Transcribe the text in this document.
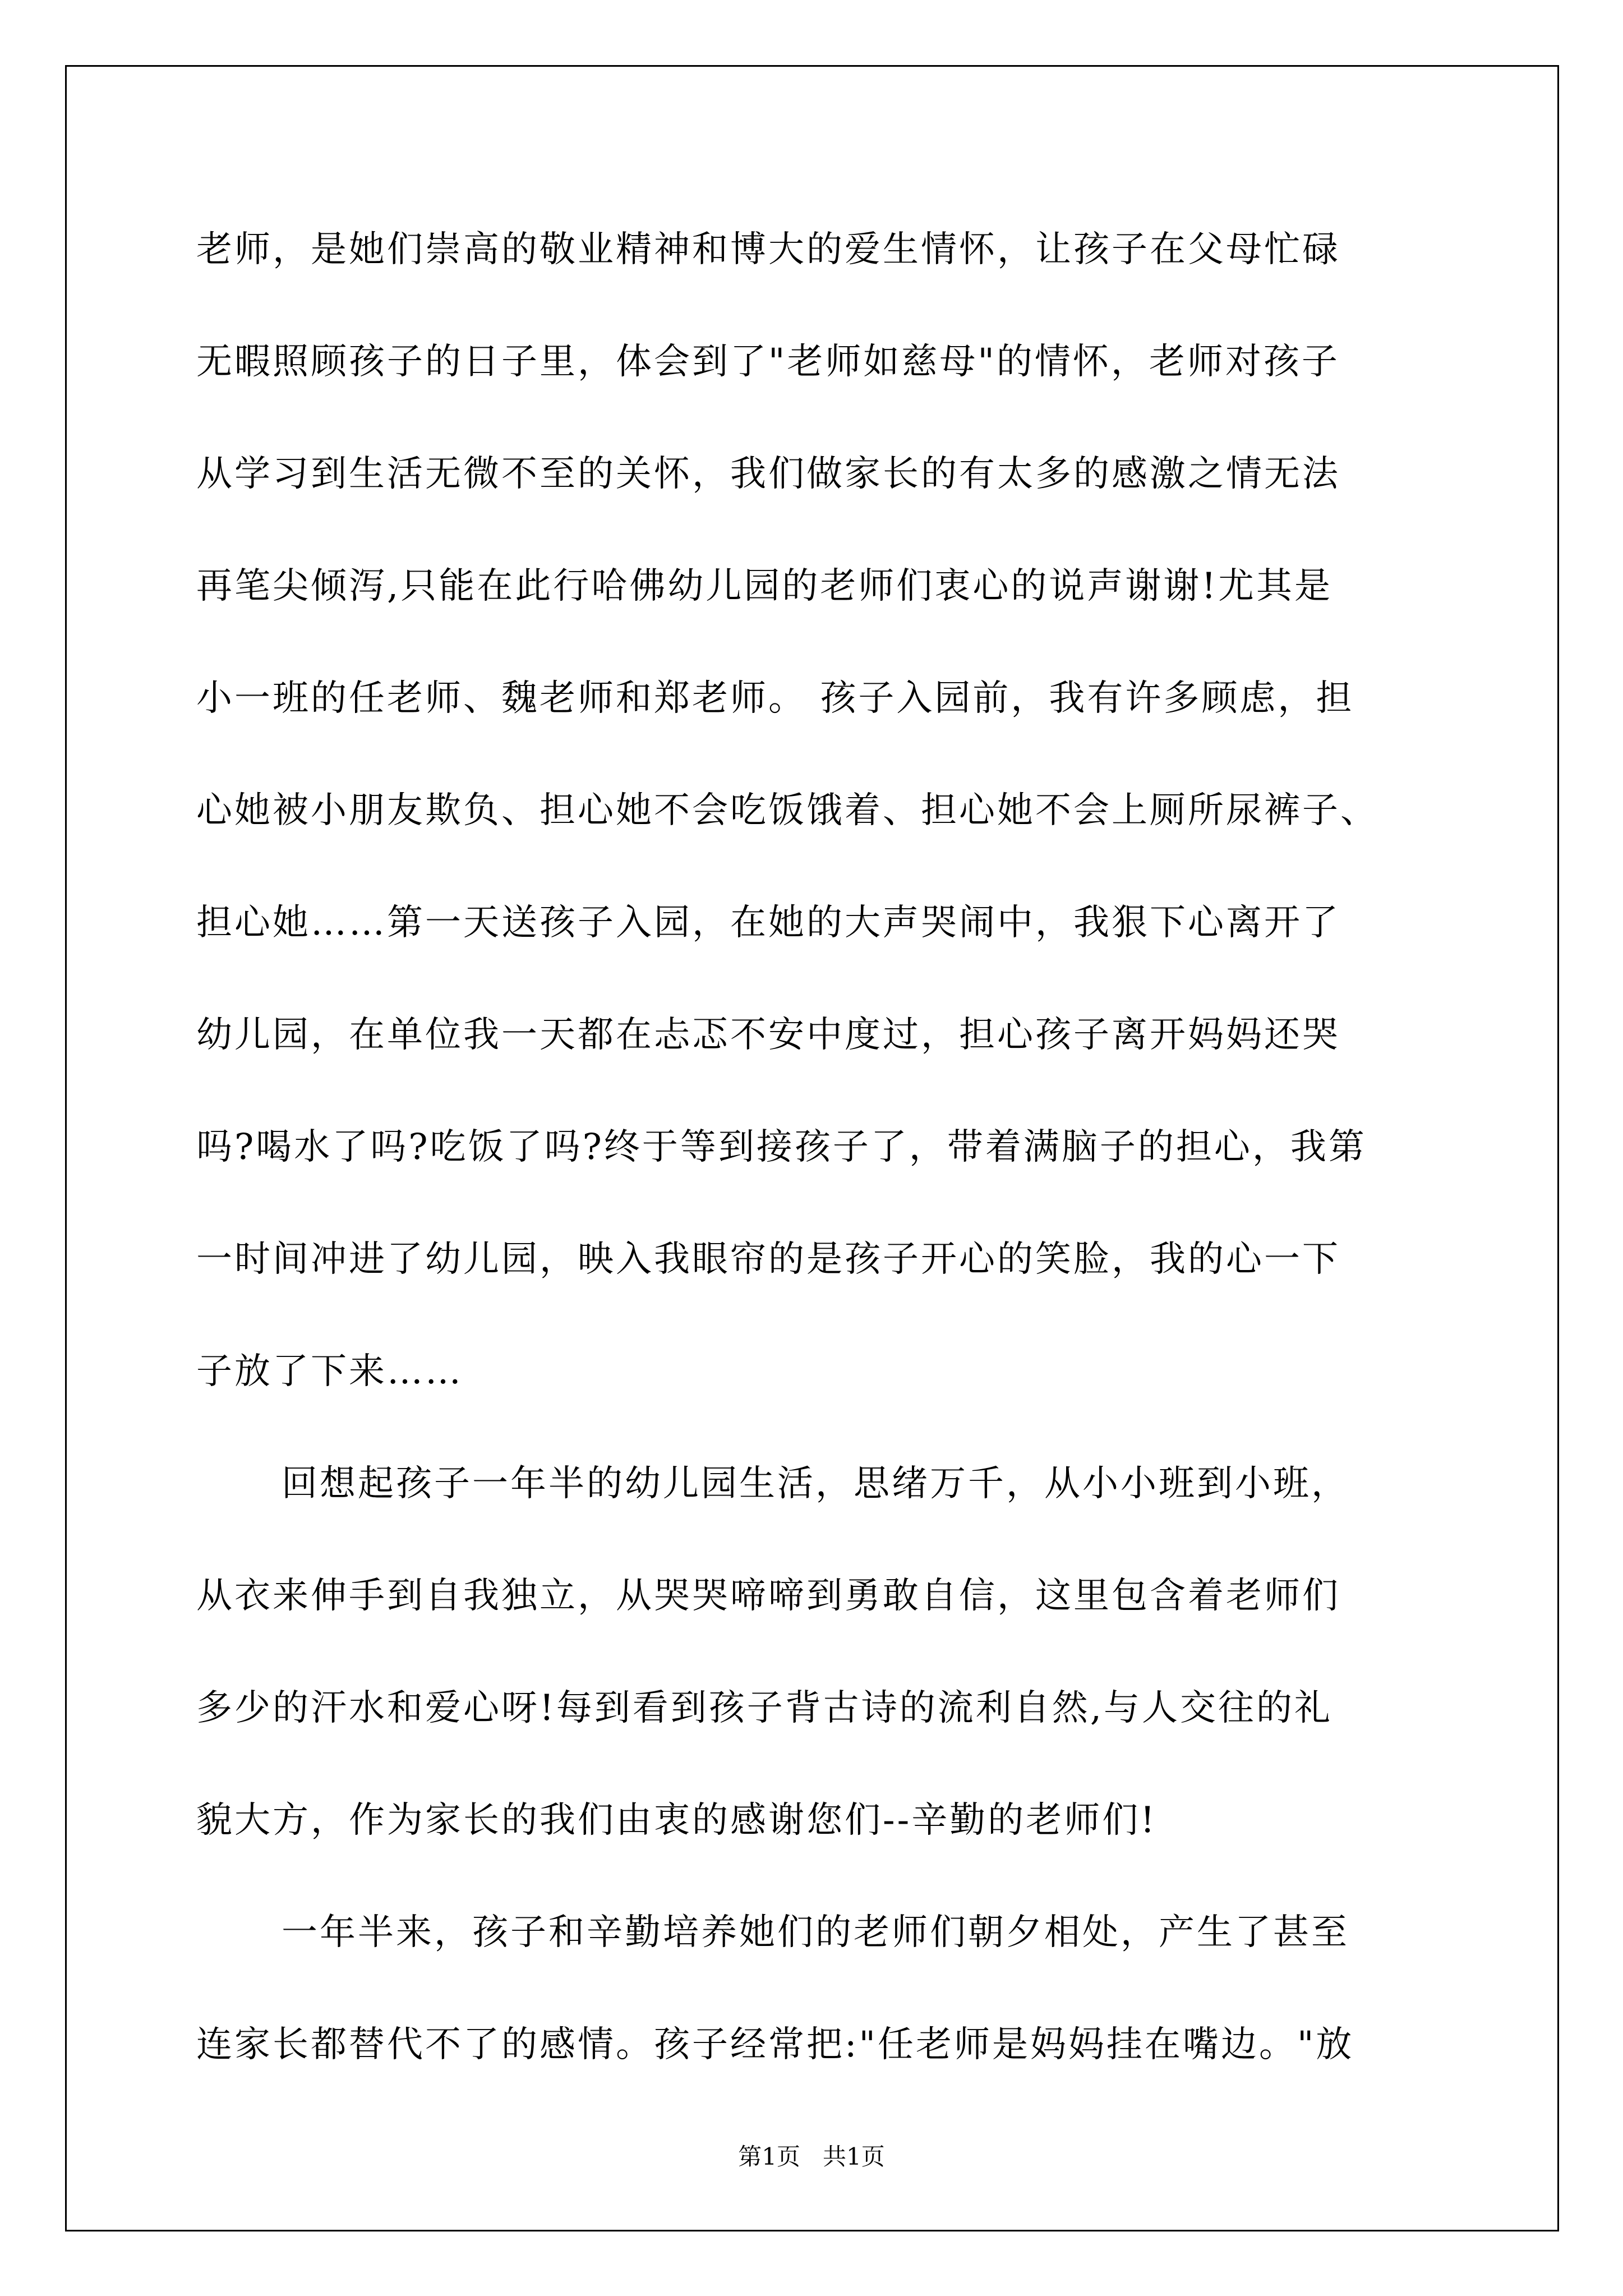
老师，是她们崇高的敬业精神和博大的爱生情怀，让孩子在父母忙碌
无暇照顾孩子的日子里，体会到了"老师如慈母"的情怀，老师对孩子
从学习到生活无微不至的关怀，我们做家长的有太多的感激之情无法
再笔尖倾泻,只能在此行哈佛幼儿园的老师们衷心的说声谢谢!尤其是
小一班的任老师、魏老师和郑老师。 孩子入园前，我有许多顾虑，担
心她被小朋友欺负、担心她不会吃饭饿着、担心她不会上厕所尿裤子、
担心她……第一天送孩子入园，在她的大声哭闹中，我狠下心离开了
幼儿园，在单位我一天都在忐忑不安中度过，担心孩子离开妈妈还哭
吗?喝水了吗?吃饭了吗?终于等到接孩子了，带着满脑子的担心，我第
一时间冲进了幼儿园，映入我眼帘的是孩子开心的笑脸，我的心一下
子放了下来……
回想起孩子一年半的幼儿园生活，思绪万千，从小小班到小班，
从衣来伸手到自我独立，从哭哭啼啼到勇敢自信，这里包含着老师们
多少的汗水和爱心呀!每到看到孩子背古诗的流利自然,与人交往的礼
貌大方，作为家长的我们由衷的感谢您们--辛勤的老师们!
一年半来，孩子和辛勤培养她们的老师们朝夕相处，产生了甚至
连家长都替代不了的感情。孩子经常把:"任老师是妈妈挂在嘴边。"放
第1页   共1页
